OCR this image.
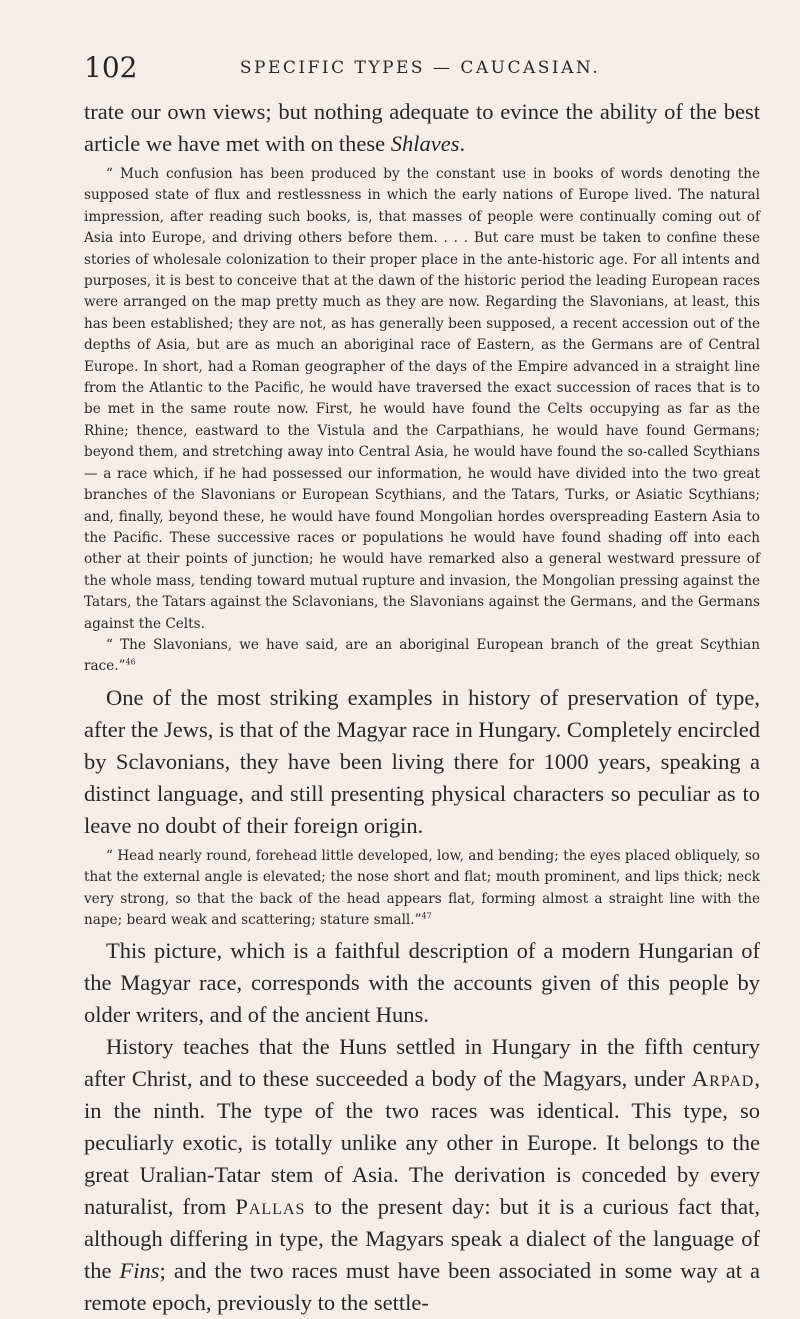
102	SPECIFIC TYPES — CAUCASIAN.

trate our own views; but nothing adequate to evince the ability of the best article we have met with on these Shlaves.

“ Much confusion has been produced by the constant use in books of words denoting the supposed state of flux and restlessness in which the early nations of Europe lived. The natural impression, after reading such books, is, that masses of people were continually coming out of Asia into Europe, and driving others before them. . . . But care must be taken to confine these stories of wholesale colonization to their proper place in the ante-historic age. For all intents and purposes, it is best to conceive that at the dawn of the historic period the leading European races were arranged on the map pretty much as they are now. Regarding the Slavonians, at least, this has been established; they are not, as has generally been supposed, a recent accession out of the depths of Asia, but are as much an aboriginal race of Eastern, as the Germans are of Central Europe. In short, had a Roman geographer of the days of the Empire advanced in a straight line from the Atlantic to the Pacific, he would have traversed the exact succession of races that is to be met in the same route now. First, he would have found the Celts occupying as far as the Rhine; thence, eastward to the Vistula and the Carpathians, he would have found Germans; beyond them, and stretching away into Central Asia, he would have found the so-called Scythians — a race which, if he had possessed our information, he would have divided into the two great branches of the Slavonians or European Scythians, and the Tatars, Turks, or Asiatic Scythians; and, finally, beyond these, he would have found Mongolian hordes overspreading Eastern Asia to the Pacific. These successive races or populations he would have found shading off into each other at their points of junction; he would have remarked also a general westward pressure of the whole mass, tending toward mutual rupture and invasion, the Mongolian pressing against the Tatars, the Tatars against the Sclavonians, the Slavonians against the Germans, and the Germans against the Celts.

“ The Slavonians, we have said, are an aboriginal European branch of the great Scythian race.”$^{46}$

One of the most striking examples in history of preservation of type, after the Jews, is that of the Magyar race in Hungary. Completely encircled by Sclavonians, they have been living there for 1000 years, speaking a distinct language, and still presenting physical characters so peculiar as to leave no doubt of their foreign origin.

“ Head nearly round, forehead little developed, low, and bending; the eyes placed obliquely, so that the external angle is elevated; the nose short and flat; mouth prominent, and lips thick; neck very strong, so that the back of the head appears flat, forming almost a straight line with the nape; beard weak and scattering; stature small.”$^{47}$

This picture, which is a faithful description of a modern Hungarian of the Magyar race, corresponds with the accounts given of this people by older writers, and of the ancient Huns.

History teaches that the Huns settled in Hungary in the fifth century after Christ, and to these succeeded a body of the Magyars, under Arpad, in the ninth. The type of the two races was identical. This type, so peculiarly exotic, is totally unlike any other in Europe. It belongs to the great Uralian-Tatar stem of Asia. The derivation is conceded by every naturalist, from Pallas to the present day: but it is a curious fact that, although differing in type, the Magyars speak a dialect of the language of the Fins; and the two races must have been associated in some way at a remote epoch, previously to the settle-
